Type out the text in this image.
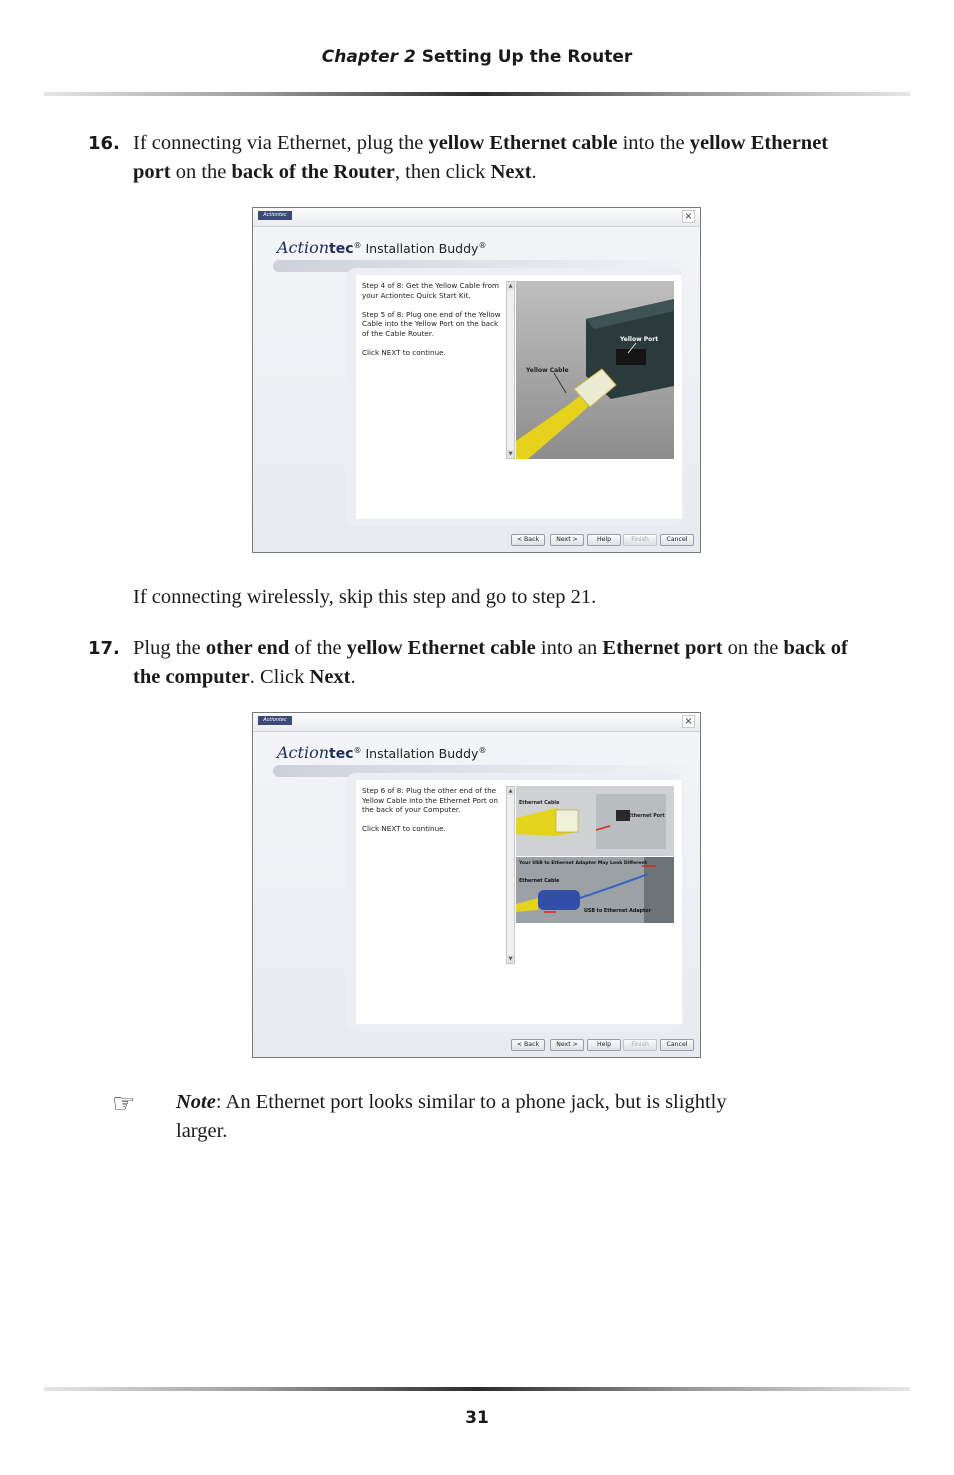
Chapter 2 Setting Up the Router
16. If connecting via Ethernet, plug the yellow Ethernet cable into the yellow Ethernet port on the back of the Router, then click Next.
Actiontec	×
Actiontec® Installation Buddy®
Step 4 of 8: Get the Yellow Cable from your Actiontec Quick Start Kit.

Step 5 of 8: Plug one end of the Yellow Cable into the Yellow Port on the back of the Cable Router.

Click NEXT to continue.
▲
▼
Yellow Port
Yellow Cable
< Back	Next >	Help	Finish	Cancel
If connecting wirelessly, skip this step and go to step 21.
17. Plug the other end of the yellow Ethernet cable into an Ethernet port on the back of the computer. Click Next.
Actiontec	×
Actiontec® Installation Buddy®
Step 6 of 8: Plug the other end of the Yellow Cable into the Ethernet Port on the back of your Computer.

Click NEXT to continue.
▲
▼
Ethernet Cable
Ethernet Port
Your USB to Ethernet Adapter May Look Different
Ethernet Cable
USB to Ethernet Adapter
< Back	Next >	Help	Finish	Cancel
☞ Note: An Ethernet port looks similar to a phone jack, but is slightly larger.
31
